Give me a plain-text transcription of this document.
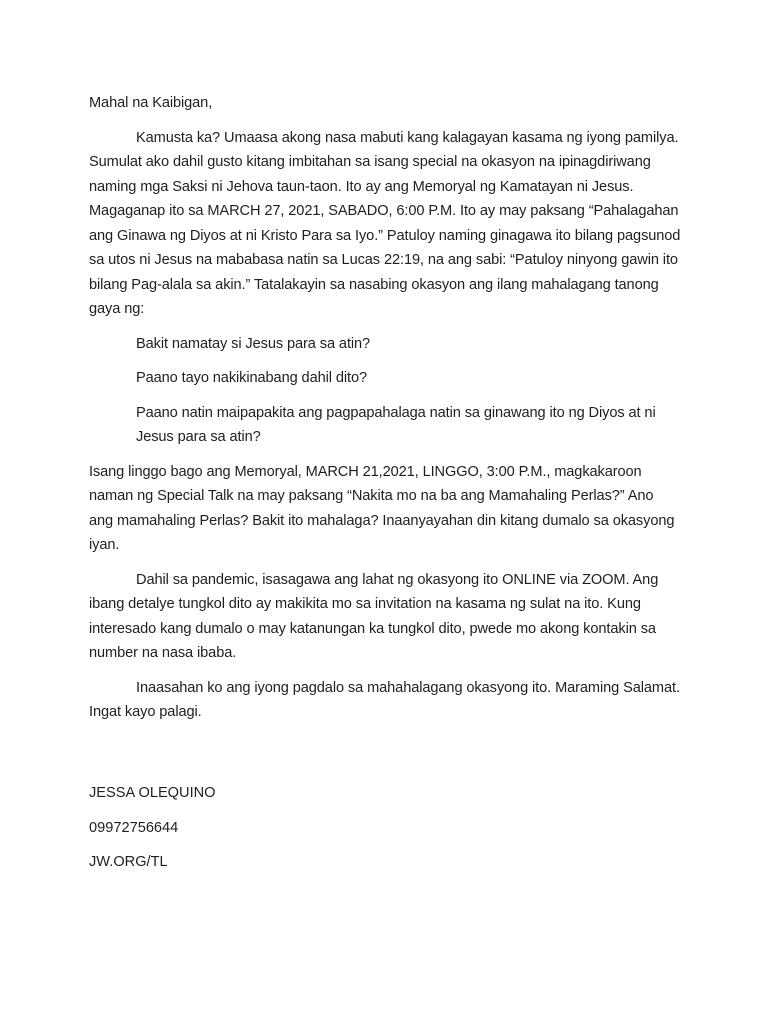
Mahal na Kaibigan,

Kamusta ka? Umaasa akong nasa mabuti kang kalagayan kasama ng iyong pamilya. Sumulat ako dahil gusto kitang imbitahan sa isang special na okasyon na ipinagdiriwang naming mga Saksi ni Jehova taun-taon. Ito ay ang Memoryal ng Kamatayan ni Jesus. Magaganap ito sa MARCH 27, 2021, SABADO, 6:00 P.M. Ito ay may paksang “Pahalagahan ang Ginawa ng Diyos at ni Kristo Para sa Iyo.” Patuloy naming ginagawa ito bilang pagsunod sa utos ni Jesus na mababasa natin sa Lucas 22:19, na ang sabi: “Patuloy ninyong gawin ito bilang Pag-alala sa akin.” Tatalakayin sa nasabing okasyon ang ilang mahalagang tanong gaya ng:

Bakit namatay si Jesus para sa atin?

Paano tayo nakikinabang dahil dito?

Paano natin maipapakita ang pagpapahalaga natin sa ginawang ito ng Diyos at ni Jesus para sa atin?

Isang linggo bago ang Memoryal, MARCH 21,2021, LINGGO, 3:00 P.M., magkakaroon naman ng Special Talk na may paksang “Nakita mo na ba ang Mamahaling Perlas?” Ano ang mamahaling Perlas? Bakit ito mahalaga? Inaanyayahan din kitang dumalo sa okasyong iyan.

Dahil sa pandemic, isasagawa ang lahat ng okasyong ito ONLINE via ZOOM. Ang ibang detalye tungkol dito ay makikita mo sa invitation na kasama ng sulat na ito. Kung interesado kang dumalo o may katanungan ka tungkol dito, pwede mo akong kontakin sa number na nasa ibaba.

Inaasahan ko ang iyong pagdalo sa mahahalagang okasyong ito. Maraming Salamat. Ingat kayo palagi.

JESSA OLEQUINO

09972756644

JW.ORG/TL
